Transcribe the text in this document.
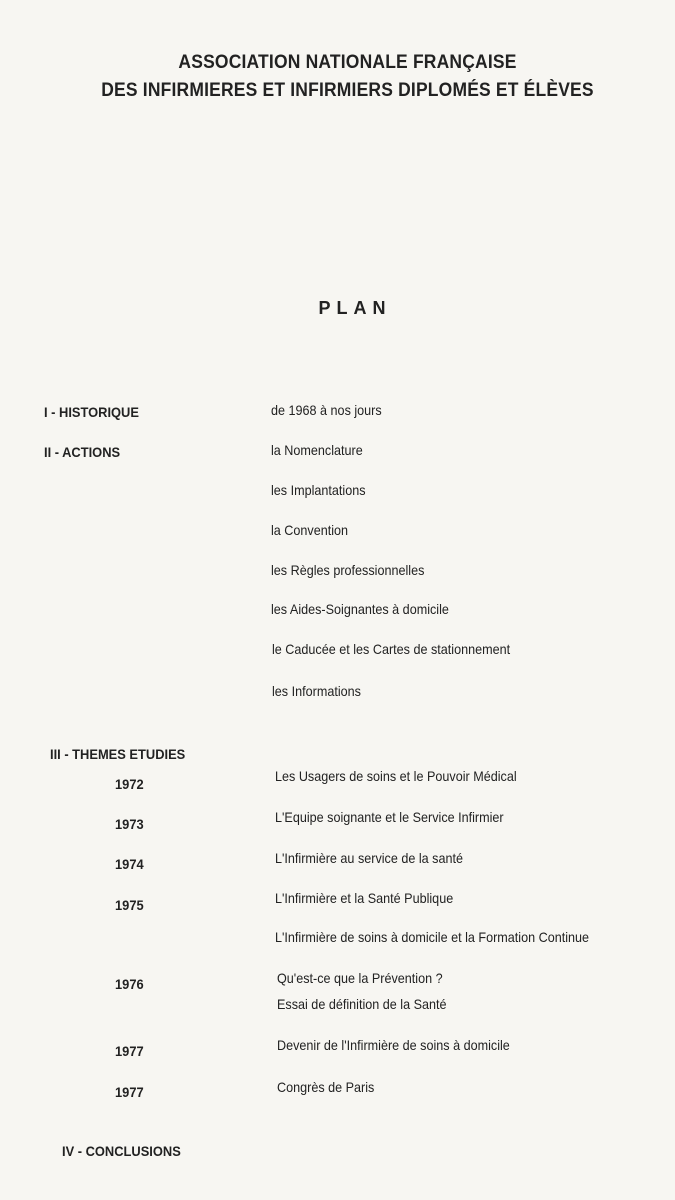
ASSOCIATION NATIONALE FRANÇAISE
DES INFIRMIERES ET INFIRMIERS DIPLOMÉS ET ÉLÈVES
PLAN
I - HISTORIQUE	de 1968 à nos jours
II - ACTIONS	la Nomenclature
les Implantations
la Convention
les Règles professionnelles
les Aides-Soignantes à domicile
le Caducée et les Cartes de stationnement
les Informations
III - THEMES ETUDIES
1972	Les Usagers de soins et le Pouvoir Médical
1973	L'Equipe soignante et le Service Infirmier
1974	L'Infirmière au service de la santé
1975	L'Infirmière et la Santé Publique
L'Infirmière de soins à domicile et la Formation Continue
1976	Qu'est-ce que la Prévention ?
Essai de définition de la Santé
1977	Devenir de l'Infirmière de soins à domicile
1977	Congrès de Paris
IV - CONCLUSIONS
